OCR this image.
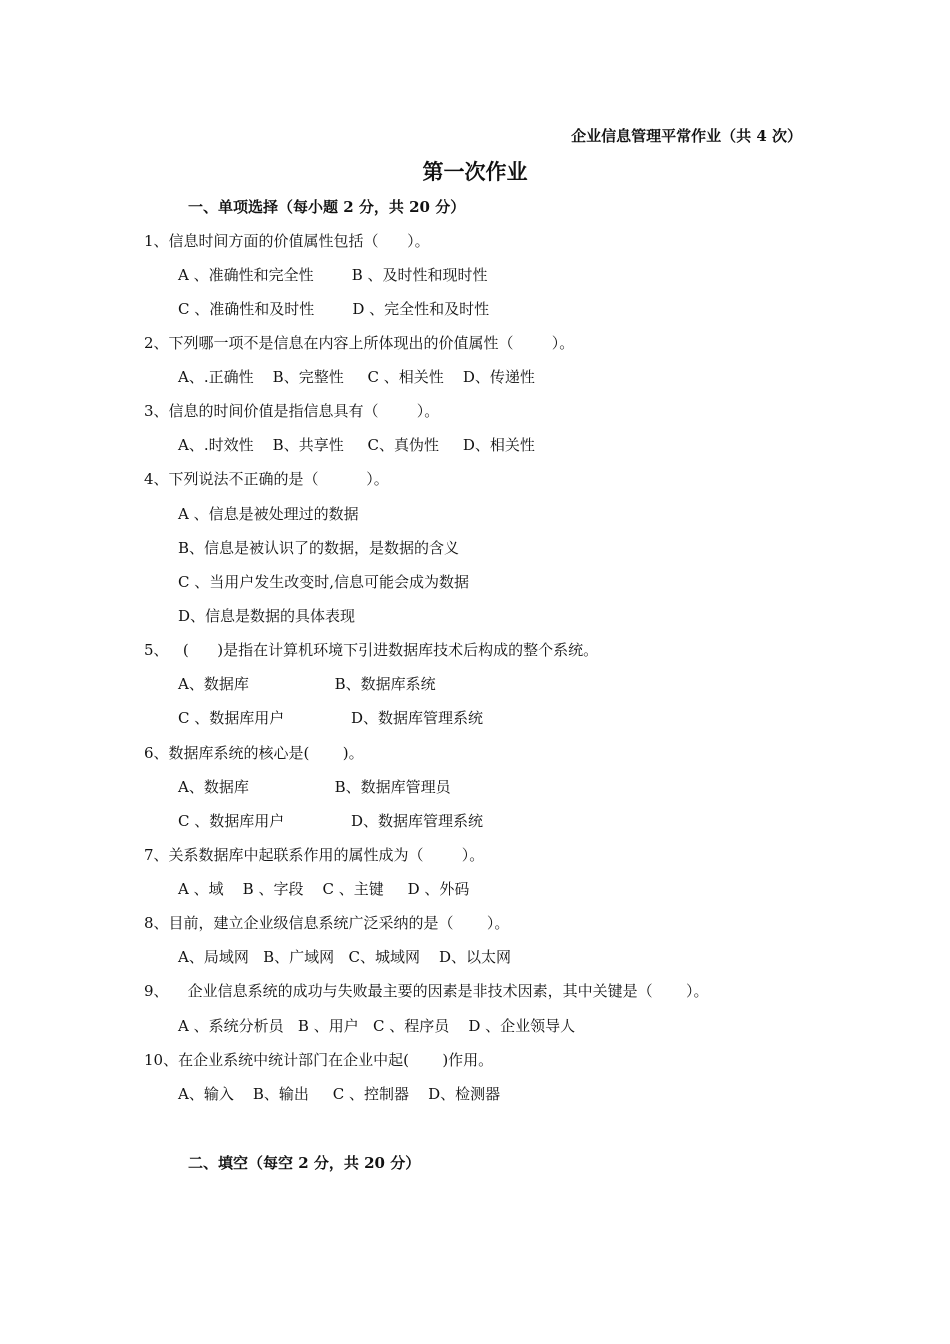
企业信息管理平常作业（共 4 次）
第一次作业
一、单项选择（每小题 2 分，共 20 分）
1、信息时间方面的价值属性包括（      ）。
A 、准确性和完全性        B 、及时性和现时性
C 、准确性和及时性        D 、完全性和及时性
2、下列哪一项不是信息在内容上所体现出的价值属性（        ）。
A、.正确性    B、完整性     C 、相关性    D、传递性
3、信息的时间价值是指信息具有（        ）。
A、.时效性    B、共享性     C、真伪性     D、相关性
4、下列说法不正确的是（          ）。
A 、信息是被处理过的数据
B、信息是被认识了的数据，是数据的含义
C 、当用户发生改变时,信息可能会成为数据
D、信息是数据的具体表现
5、   (      )是指在计算机环境下引进数据库技术后构成的整个系统。
A、数据库                  B、数据库系统
C 、数据库用户              D、数据库管理系统
6、数据库系统的核心是(       )。
A、数据库                  B、数据库管理员
C 、数据库用户              D、数据库管理系统
7、关系数据库中起联系作用的属性成为（        ）。
A 、域    B 、字段    C 、主键     D 、外码
8、目前，建立企业级信息系统广泛采纳的是（       ）。
A、局域网   B、广域网   C、城域网    D、以太网
9、    企业信息系统的成功与失败最主要的因素是非技术因素，其中关键是（       ）。
A 、系统分析员   B 、用户   C 、程序员    D 、企业领导人
10、在企业系统中统计部门在企业中起(       )作用。
A、输入    B、输出     C 、控制器    D、检测器
二、填空（每空 2 分，共 20 分）
